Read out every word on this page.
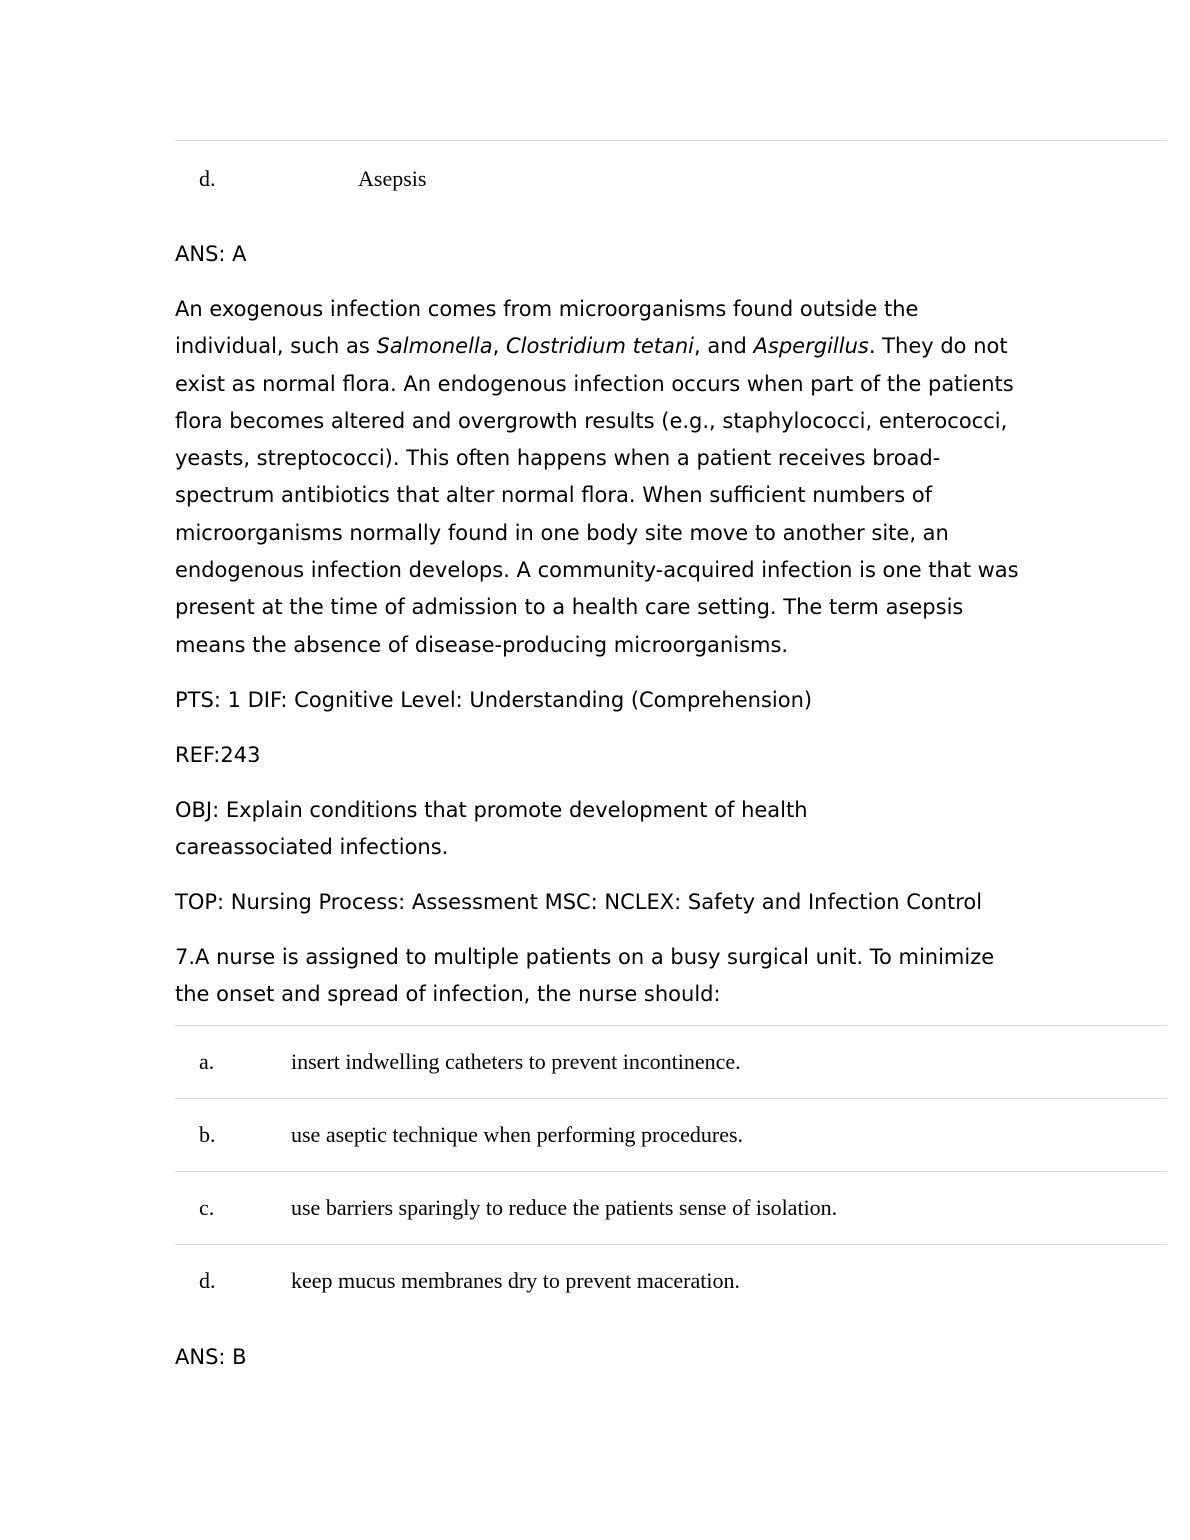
d.	Asepsis

ANS: A

An exogenous infection comes from microorganisms found outside the individual, such as Salmonella, Clostridium tetani, and Aspergillus. They do not exist as normal flora. An endogenous infection occurs when part of the patients flora becomes altered and overgrowth results (e.g., staphylococci, enterococci, yeasts, streptococci). This often happens when a patient receives broad-spectrum antibiotics that alter normal flora. When sufficient numbers of microorganisms normally found in one body site move to another site, an endogenous infection develops. A community-acquired infection is one that was present at the time of admission to a health care setting. The term asepsis means the absence of disease-producing microorganisms.

PTS: 1 DIF: Cognitive Level: Understanding (Comprehension)

REF:243

OBJ: Explain conditions that promote development of health careassociated infections.

TOP: Nursing Process: Assessment MSC: NCLEX: Safety and Infection Control

7.A nurse is assigned to multiple patients on a busy surgical unit. To minimize the onset and spread of infection, the nurse should:

a.	insert indwelling catheters to prevent incontinence.
b.	use aseptic technique when performing procedures.
c.	use barriers sparingly to reduce the patients sense of isolation.
d.	keep mucus membranes dry to prevent maceration.

ANS: B
